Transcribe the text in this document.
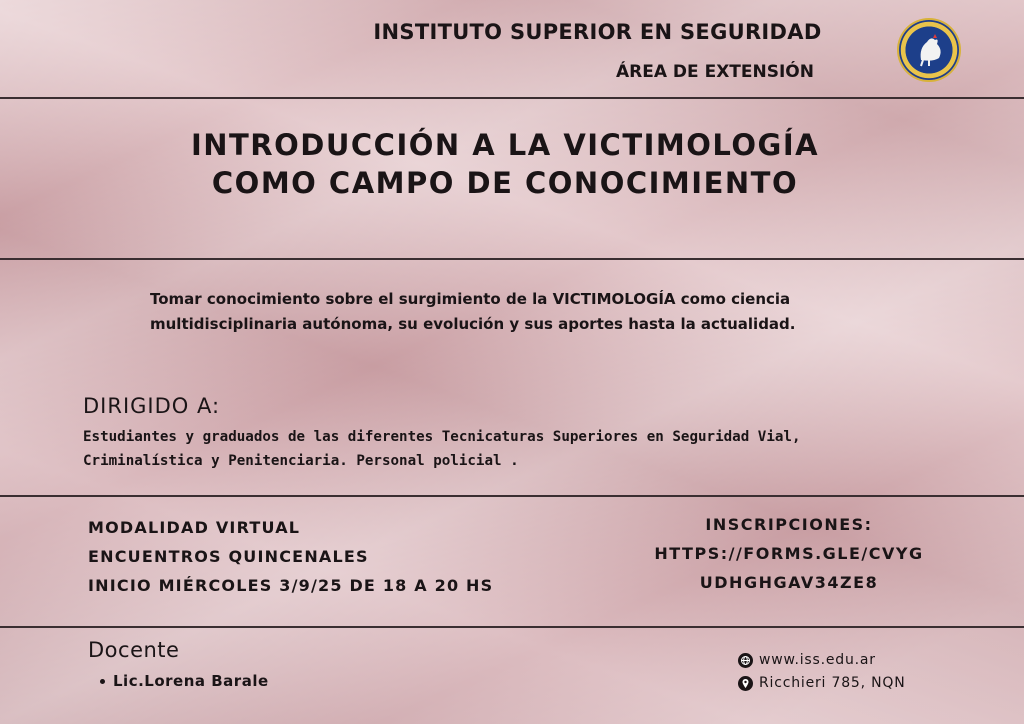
INSTITUTO SUPERIOR EN SEGURIDAD
ÁREA DE EXTENSIÓN
INTRODUCCIÓN A LA VICTIMOLOGÍA
COMO CAMPO DE CONOCIMIENTO
Tomar conocimiento sobre el surgimiento de la VICTIMOLOGÍA como ciencia
multidisciplinaria autónoma, su evolución y sus aportes hasta la actualidad.
DIRIGIDO A:
Estudiantes y graduados de las diferentes Tecnicaturas Superiores en Seguridad Vial,
Criminalística y Penitenciaria. Personal policial .
MODALIDAD VIRTUAL
ENCUENTROS QUINCENALES
INICIO MIÉRCOLES 3/9/25 DE 18 A 20 HS
INSCRIPCIONES:
HTTPS://FORMS.GLE/CVYG
UDHGHGAV34ZE8
Docente
Lic.Lorena Barale
www.iss.edu.ar
Ricchieri 785, NQN
